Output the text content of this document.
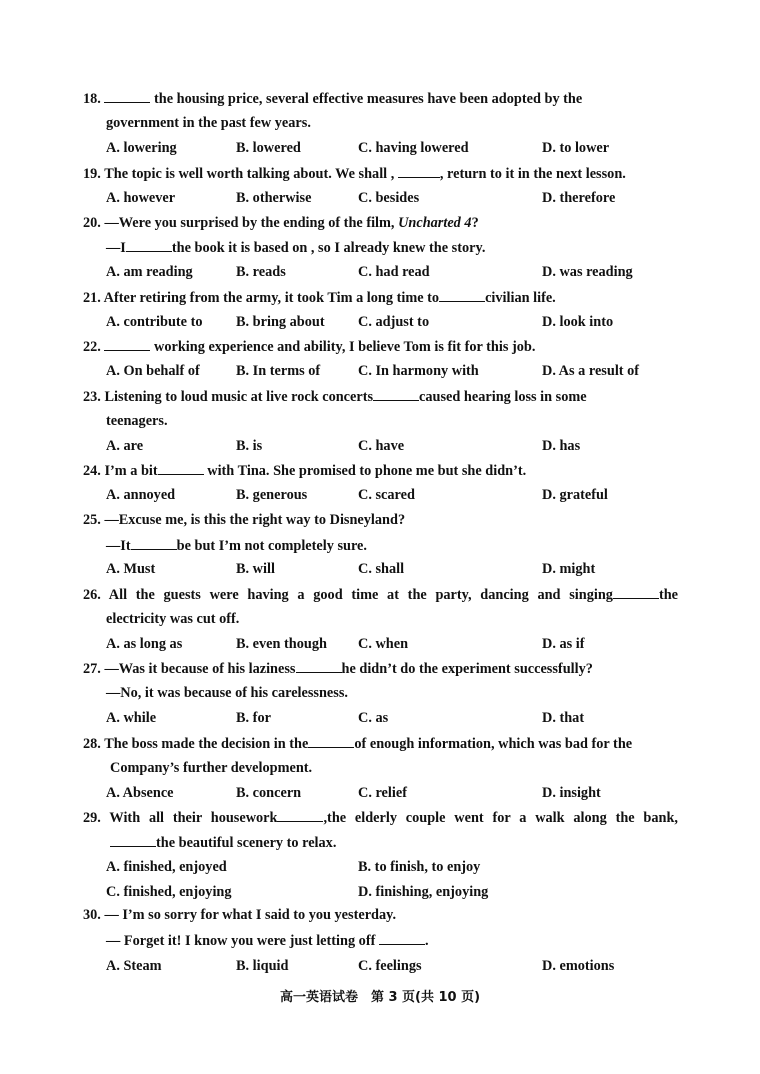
18.	the housing price, several effective measures have been adopted by the
government in the past few years.
A. lowering	B. lowered	C. having lowered	D. to lower
19. The topic is well worth talking about. We shall ,	, return to it in the next lesson.
A. however	B. otherwise	C. besides	D. therefore
20. —Were you surprised by the ending of the film, Uncharted 4?
—I	the book it is based on , so I already knew the story.
A. am reading	B. reads	C. had read	D. was reading
21. After retiring from the army, it took Tim a long time to	civilian life.
A. contribute to B. bring about C. adjust to	D. look into
22.	working experience and ability, I believe Tom is fit for this job.
A. On behalf of	B. In terms of	C. In harmony with	D. As a result of
23. Listening to loud music at live rock concerts	caused hearing loss in some
teenagers.
A. are	B. is	C. have	D. has
24. I’m a bit	with Tina. She promised to phone me but she didn’t.
A. annoyed	B. generous	C. scared	D. grateful
25. —Excuse me, is this the right way to Disneyland?
—It	be but I’m not completely sure.
A. Must	B. will	C. shall	D. might
26. All the guests were having a good time at the party, dancing and singing	the
electricity was cut off.
A. as long as	B. even though C. when	D. as if
27. —Was it because of his laziness	he didn’t do the experiment successfully?
—No, it was because of his carelessness.
A. while	B. for	C. as	D. that
28. The boss made the decision in the	of enough information, which was bad for the
Company’s further development.
A. Absence	B. concern	C. relief	D. insight
29. With all their housework	,the elderly couple went for a walk along the bank,
the beautiful scenery to relax.
A. finished, enjoyed	B. to finish, to enjoy
C. finished, enjoying	D. finishing, enjoying
30. — I’m so sorry for what I said to you yesterday.
— Forget it! I know you were just letting off	.
A. Steam	B. liquid	C. feelings	D. emotions
高一英语试卷　第 3 页(共 10 页)
